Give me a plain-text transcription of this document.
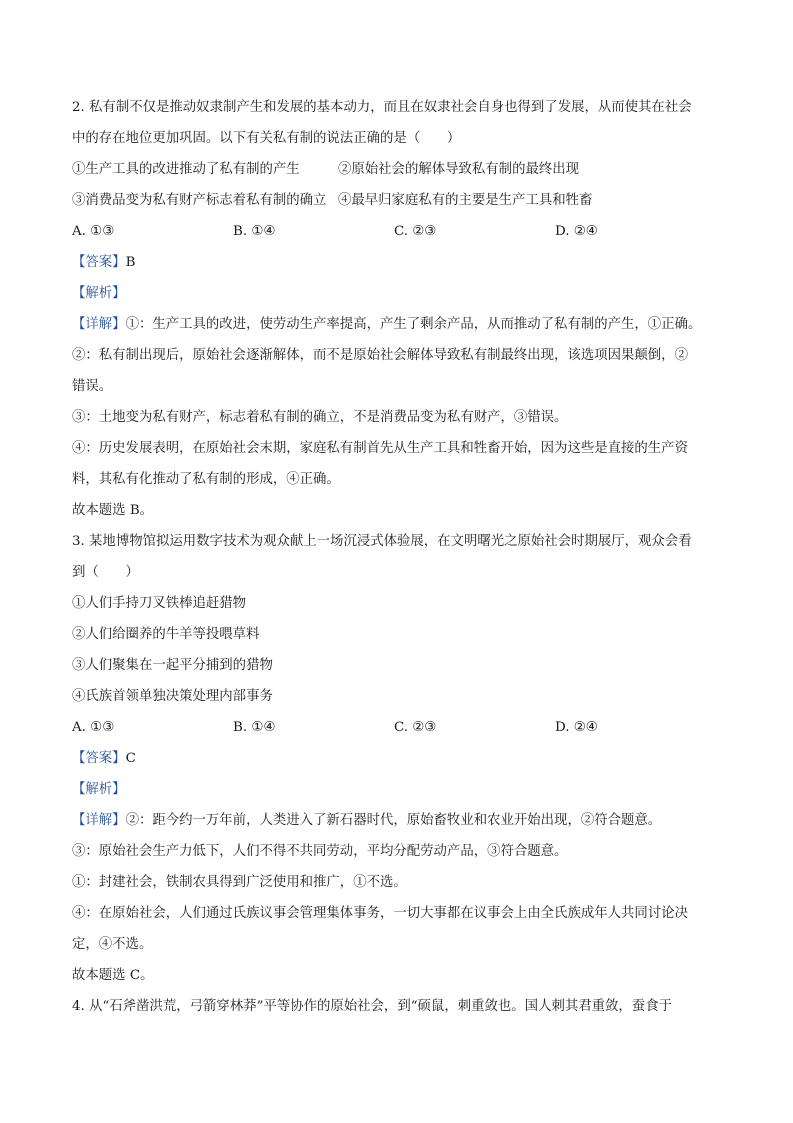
2. 私有制不仅是推动奴隶制产生和发展的基本动力，而且在奴隶社会自身也得到了发展，从而使其在社会
中的存在地位更加巩固。以下有关私有制的说法正确的是（　　）
①生产工具的改进推动了私有制的产生	②原始社会的解体导致私有制的最终出现
③消费品变为私有财产标志着私有制的确立 ④最早归家庭私有的主要是生产工具和牲畜
A. ①③	B. ①④	C. ②③	D. ②④
【答案】B
【解析】
【详解】①：生产工具的改进，使劳动生产率提高，产生了剩余产品，从而推动了私有制的产生，①正确。
②：私有制出现后，原始社会逐渐解体，而不是原始社会解体导致私有制最终出现，该选项因果颠倒，②
错误。
③：土地变为私有财产，标志着私有制的确立，不是消费品变为私有财产，③错误。
④：历史发展表明，在原始社会末期，家庭私有制首先从生产工具和牲畜开始，因为这些是直接的生产资
料，其私有化推动了私有制的形成，④正确。
故本题选 B。
3. 某地博物馆拟运用数字技术为观众献上一场沉浸式体验展，在文明曙光之原始社会时期展厅，观众会看
到（　　）
①人们手持刀叉铁棒追赶猎物
②人们给圈养的牛羊等投喂草料
③人们聚集在一起平分捕到的猎物
④氏族首领单独决策处理内部事务
A. ①③	B. ①④	C. ②③	D. ②④
【答案】C
【解析】
【详解】②：距今约一万年前，人类进入了新石器时代，原始畜牧业和农业开始出现，②符合题意。
③：原始社会生产力低下，人们不得不共同劳动，平均分配劳动产品，③符合题意。
①：封建社会，铁制农具得到广泛使用和推广，①不选。
④：在原始社会，人们通过氏族议事会管理集体事务，一切大事都在议事会上由全氏族成年人共同讨论决
定，④不选。
故本题选 C。
4. 从“石斧凿洪荒，弓箭穿林莽”平等协作的原始社会，到“硕鼠，刺重敛也。国人刺其君重敛，蚕食于
